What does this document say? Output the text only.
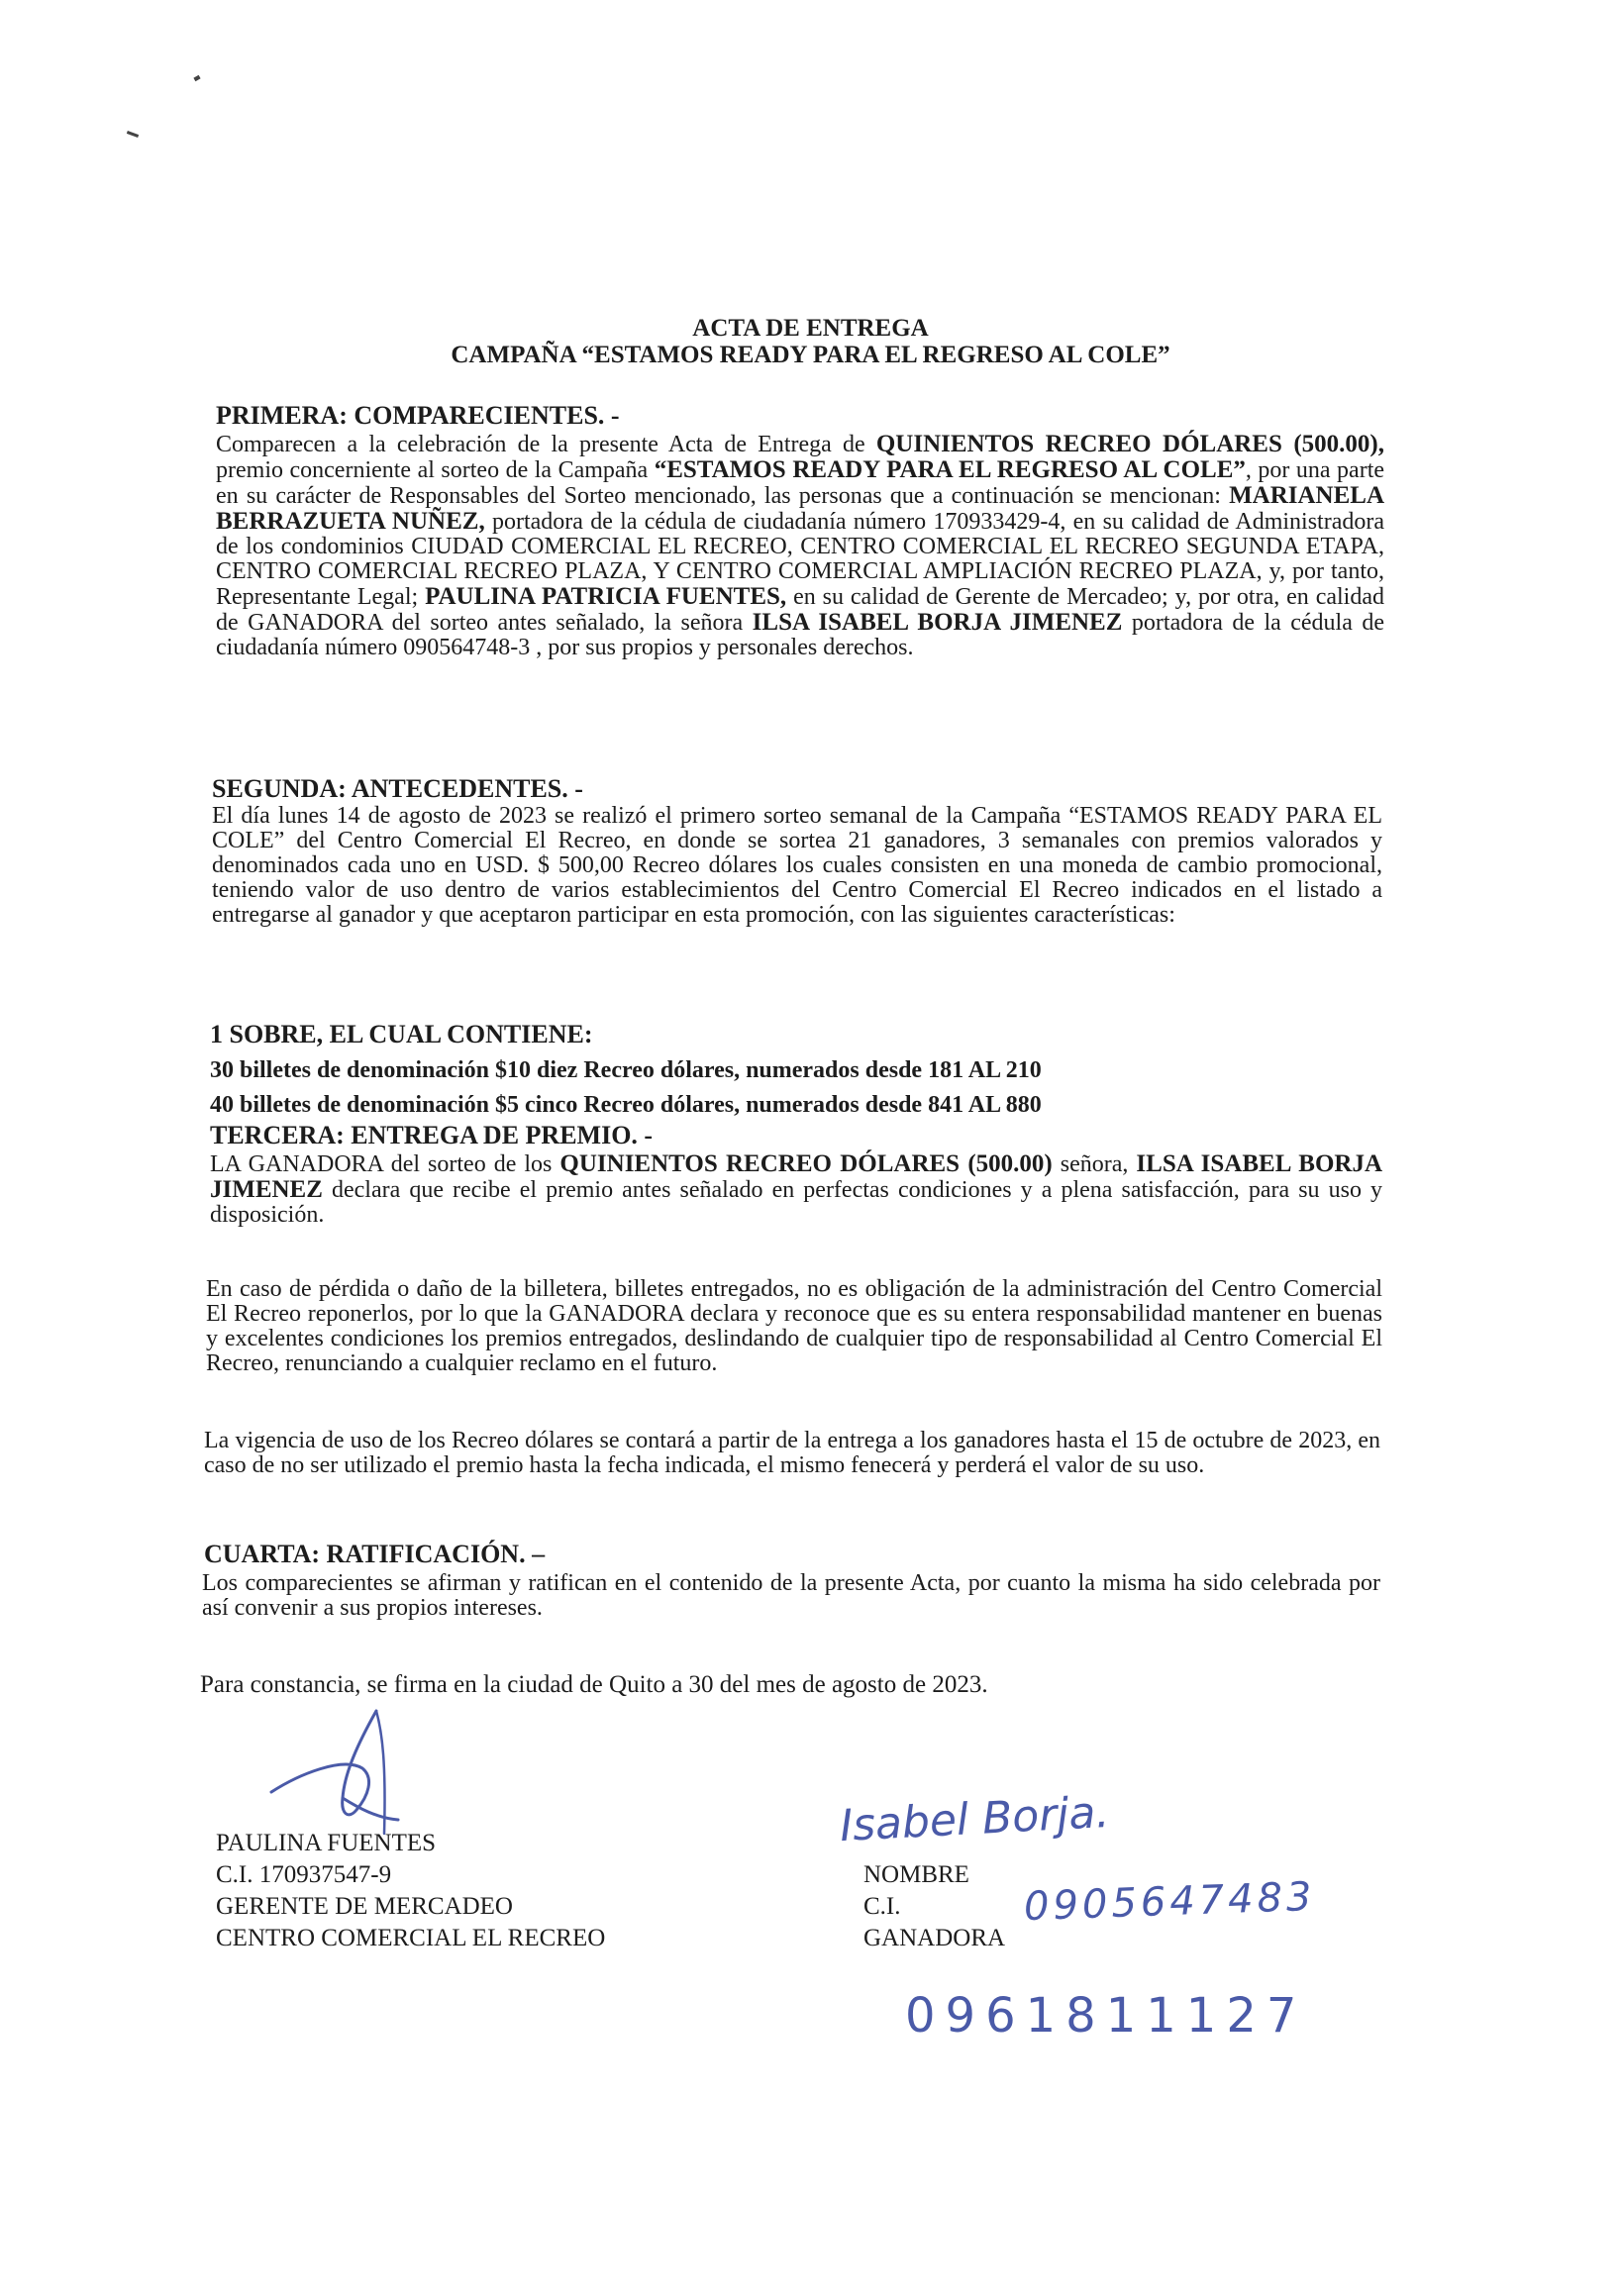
ACTA DE ENTREGA
CAMPAÑA “ESTAMOS READY PARA EL REGRESO AL COLE”
PRIMERA: COMPARECIENTES. -
Comparecen a la celebración de la presente Acta de Entrega de QUINIENTOS RECREO DÓLARES (500.00), premio concerniente al sorteo de la Campaña “ESTAMOS READY PARA EL REGRESO AL COLE”, por una parte en su carácter de Responsables del Sorteo mencionado, las personas que a continuación se mencionan: MARIANELA BERRAZUETA NUÑEZ, portadora de la cédula de ciudadanía número 170933429-4, en su calidad de Administradora de los condominios CIUDAD COMERCIAL EL RECREO, CENTRO COMERCIAL EL RECREO SEGUNDA ETAPA, CENTRO COMERCIAL RECREO PLAZA, Y CENTRO COMERCIAL AMPLIACIÓN RECREO PLAZA, y, por tanto, Representante Legal; PAULINA PATRICIA FUENTES, en su calidad de Gerente de Mercadeo; y, por otra, en calidad de GANADORA del sorteo antes señalado, la señora ILSA ISABEL BORJA JIMENEZ portadora de la cédula de ciudadanía número 090564748-3 , por sus propios y personales derechos.
SEGUNDA: ANTECEDENTES. -
El día lunes 14 de agosto de 2023 se realizó el primero sorteo semanal de la Campaña “ESTAMOS READY PARA EL COLE” del Centro Comercial El Recreo, en donde se sortea 21 ganadores, 3 semanales con premios valorados y denominados cada uno en USD. $ 500,00 Recreo dólares los cuales consisten en una moneda de cambio promocional, teniendo valor de uso dentro de varios establecimientos del Centro Comercial El Recreo indicados en el listado a entregarse al ganador y que aceptaron participar en esta promoción, con las siguientes características:
1 SOBRE, EL CUAL CONTIENE:
30 billetes de denominación $10 diez Recreo dólares, numerados desde 181 AL 210
40 billetes de denominación $5 cinco Recreo dólares, numerados desde 841 AL 880
TERCERA: ENTREGA DE PREMIO. -
LA GANADORA del sorteo de los QUINIENTOS RECREO DÓLARES (500.00) señora, ILSA ISABEL BORJA JIMENEZ declara que recibe el premio antes señalado en perfectas condiciones y a plena satisfacción, para su uso y disposición.
En caso de pérdida o daño de la billetera, billetes entregados, no es obligación de la administración del Centro Comercial El Recreo reponerlos, por lo que la GANADORA declara y reconoce que es su entera responsabilidad mantener en buenas y excelentes condiciones los premios entregados, deslindando de cualquier tipo de responsabilidad al Centro Comercial El Recreo, renunciando a cualquier reclamo en el futuro.
La vigencia de uso de los Recreo dólares se contará a partir de la entrega a los ganadores hasta el 15 de octubre de 2023, en caso de no ser utilizado el premio hasta la fecha indicada, el mismo fenecerá y perderá el valor de su uso.
CUARTA: RATIFICACIÓN. –
Los comparecientes se afirman y ratifican en el contenido de la presente Acta, por cuanto la misma ha sido celebrada por así convenir a sus propios intereses.
Para constancia, se firma en la ciudad de Quito a 30 del mes de agosto de 2023.
PAULINA FUENTES
C.I. 170937547-9
GERENTE DE MERCADEO
CENTRO COMERCIAL EL RECREO
Isabel Borja.
NOMBRE
C.I.
GANADORA
0905647483
0961811127
